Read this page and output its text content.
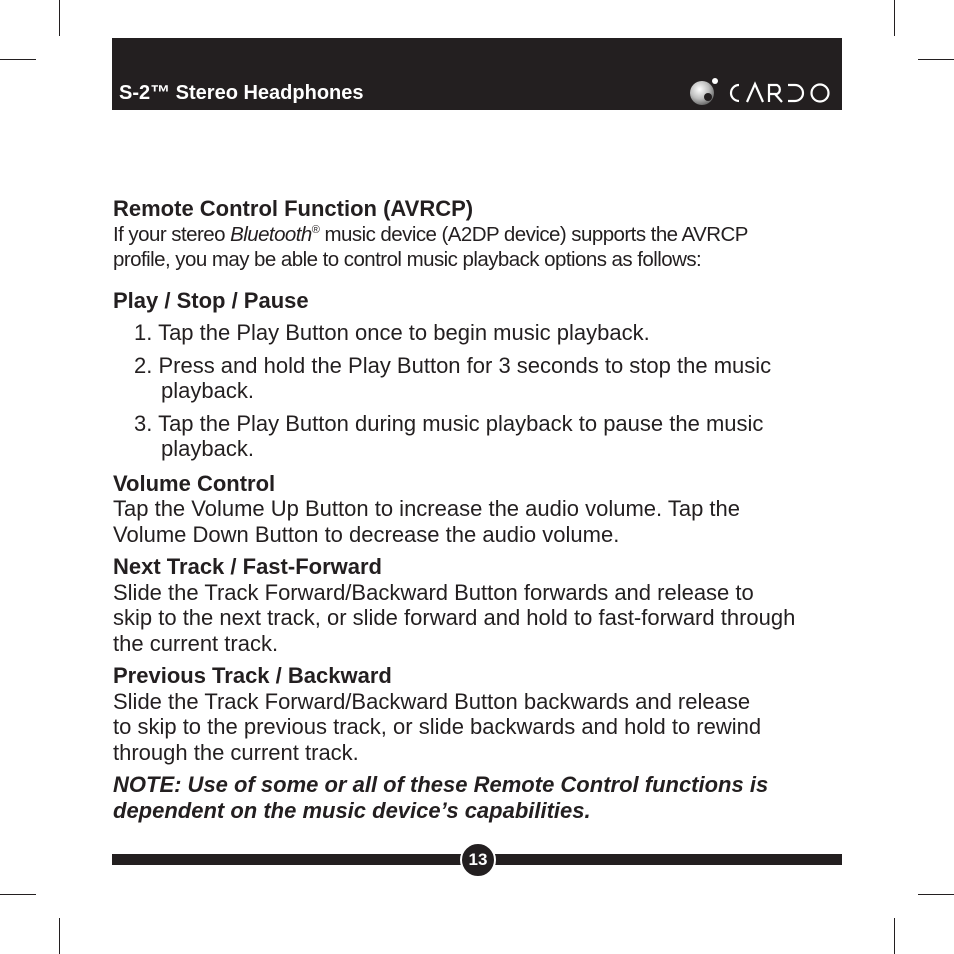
S-2™ Stereo Headphones
CARDO

Remote Control Function (AVRCP)

If your stereo Bluetooth® music device (A2DP device) supports the AVRCP

profile, you may be able to control music playback options as follows:

Play / Stop / Pause

1. Tap the Play Button once to begin music playback.

2. Press and hold the Play Button for 3 seconds to stop the music playback.

3. Tap the Play Button during music playback to pause the music playback.

Volume Control

Tap the Volume Up Button to increase the audio volume. Tap the

Volume Down Button to decrease the audio volume.

Next Track / Fast-Forward

Slide the Track Forward/Backward Button forwards and release to

skip to the next track, or slide forward and hold to fast-forward through

the current track.

Previous Track / Backward

Slide the Track Forward/Backward Button backwards and release

to skip to the previous track, or slide backwards and hold to rewind

through the current track.

NOTE: Use of some or all of these Remote Control functions is

dependent on the music device’s capabilities.

13
